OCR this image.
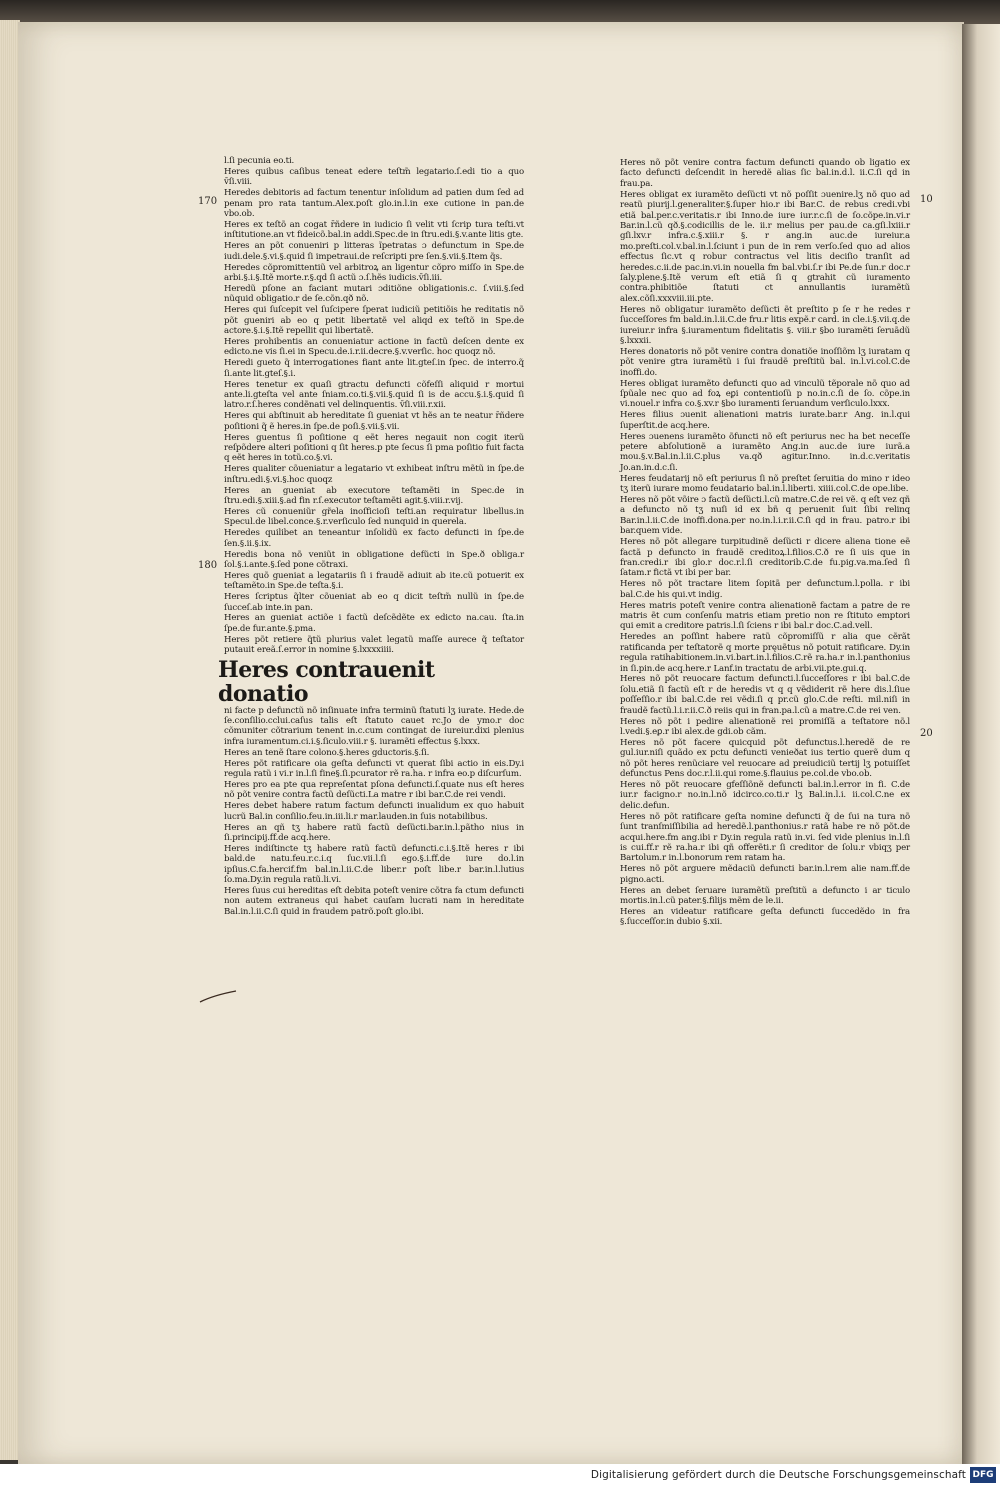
170
180
10
20

l.ſi pecunia eo.ti.

Heres quibus caſibus teneat edere teſtm̃ legatario.ſ.edi tio a quo v̄ſi.viii.

Heredes debitoris ad factum tenentur inſolidum ad patien dum ſed ad penam pro rata tantum.Alex.poſt glo.in.l.in exe cutione in pan.de vbo.ob.

Heres ex teſtõ an cogat r̄ñdere in iudicio ſi velit vti ſcrip tura teſti.vt inſtitutione.an vt fideicõ.bal.in addi.Spec.de in ſtru.edi.§.v.ante litis gte.

Heres an põt conueniri p litteras ĩpetratas ɔ defunctum in Spe.de iudi.dele.§.vi.§.quid ſi impetraui.de reſcripti pre ſen.§.vii.§.Item q̃s.

Heredes cõpromittentiũ vel arbitroꝝ an ligentur cõpro miſſo in Spe.de arbi.§.i.§.Itẽ morte.r.§.qd ſi actũ ɔ.ſ.hẽs iudicis.v̄ſi.iii.

Heredũ pſone an faciant mutari ɔditiõne obligationis.c. ſ.viii.§.ſed nũquid obligatio.r de ſe.cõn.qð nõ.

Heres qui ſuſcepit vel ſuſcipere ſperat iudiciũ petitiõis he reditatis nõ põt gueniri ab eo q petit libertatẽ vel aliqd ex teſtõ in Spe.de actore.§.i.§.Itẽ repellit qui libertatẽ.

Heres prohibentis an conueniatur actione in factũ deſcen dente ex edicto.ne vis ſi.ei in Specu.de.i.r.ii.decre.§.v.verſic. hoc quoqz nõ.

Heredi gueto q̃ interrogationes fiant ante lit.gteſ.in ſpec. de interro.q̃ ſi.ante lit.gteſ.§.i.

Heres tenetur ex quaſi gtractu defuncti cõfeſſi aliquid r mortui ante.li.gteſta vel ante ſniam.co.ti.§.vii.§.quid ſi is de accu.§.i.§.quid ſi latro.r.ſ.heres condẽnati vel delinquentis. v̄ſi.viii.r.xii.

Heres qui abſtinuit ab hereditate ſi gueniat vt hẽs an te neatur r̄ñdere poſitioni q̃ ẽ heres.in ſpe.de poſi.§.vii.§.vii.

Heres guentus ſi poſitione q eẽt heres negauit non cogit iterũ reſpõdere alteri poſitioni q ſit heres.p pte ſecus ſi pma poſitio fuit facta q eẽt heres in totũ.co.§.vi.

Heres qualiter cõueniatur a legatario vt exhibeat inſtru mẽtũ in ſpe.de inſtru.edi.§.vi.§.hoc quoqz

Heres an gueniat ab executore teſtamẽti in Spec.de in ſtru.edi.§.xiii.§.ad fin r.ſ.executor teſtamẽti agit.§.viii.r.vij.

Heres cũ conueniũr gr̃ela inoſficioſi teſti.an requiratur libellus.in Specul.de libel.conce.§.r.verſiculo ſed nunquid in querela.

Heredes quilibet an teneantur inſolidũ ex facto defuncti in ſpe.de ſen.§.ii.§.ix.

Heredis bona nõ veniũt in obligatione defũcti in Spe.ð obliga.r ſol.§.i.ante.§.ſed pone cõtraxi.

Heres quõ gueniat a legatariis ſi i fraudẽ adiuit ab ite.cũ potuerit ex teſtamẽto.in Spe.de teſta.§.i.

Heres ſcriptus q̃lter cõueniat ab eo q dicit teſtm̃ nullũ in ſpe.de ſucceſ.ab inte.in pan.

Heres an gueniat actiõe i factũ deſcẽdẽte ex edicto na.cau. ſta.in ſpe.de fur.ante.§.pma.

Heres põt retiere q̃tũ plurius valet legatũ maſſe aurece q̃ teſtator putauit ereã.ſ.error in nomine §.lxxxxiiii.

Heres contrauenit donatio

ni facte p defunctũ nõ inſinuate infra terminũ ſtatuti lʒ iurate. Hede.de ſe.conſilio.cclui.caſus talis eſt ſtatuto cauet rc.Jo de ymo.r doc cõmuniter cõtrarium tenent in.c.cum contingat de iureiur.dixi plenius infra iuramentum.ci.i.§.ſiculo.viii.r §. iuramẽti effectus §.lxxx.

Heres an tenẽ ſtare colono.§.heres gductoris.§.ſi.

Heres põt ratificare oia geſta defuncti vt querat ſibi actio in eis.Dy.i regula ratũ i vi.r in.l.ſi fine§.ſi.pcurator rẽ ra.ha. r infra eo.p diſcurſum.

Heres pro ea pte qua repreſentat pſona defuncti.ſ.quate nus eſt heres nõ põt venire contra factũ deſũcti.La matre r ibi bar.C.de rei vendi.

Heres debet habere ratum factum defuncti inualidum ex quo habuit lucrũ Bal.in conſilio.feu.in.iii.li.r mar.lauden.in ſuis notabilibus.

Heres an qñ tʒ habere ratũ factũ deſũcti.bar.in.l.pãtho nius in ſi.principij.ff.de acq.here.

Heres indiſtincte tʒ habere ratũ factũ defuncti.c.i.§.Itẽ heres r ibi bald.de natu.feu.r.c.i.q ſuc.vii.l.ſi ego.§.i.ff.de iure do.l.in ipſius.C.fa.hercif.fm bal.in.l.ii.C.de liber.r poſt libe.r bar.in.l.lutius ſo.ma.Dy.in regula ratũ.li.vi.

Heres ſuus cui hereditas eſt debita poteſt venire cõtra fa ctum defuncti non autem extraneus qui habet cauſam lucrati nam in hereditate Bal.in.l.ii.C.ſi quid in fraudem patrõ.poſt glo.ibi.

Heres nõ põt venire contra factum defuncti quando ob ligatio ex facto defuncti deſcendit in heredẽ alias ſic bal.in.d.l. ii.C.ſi qd in frau.pa.

Heres obligat ex iuramẽto deſũcti vt nõ poſſit ɔuenire.lʒ nõ quo ad reatũ piurij.l.generaliter.§.ſuper hio.r ibi Bar.C. de rebus credi.vbi etiã bal.per.c.veritatis.r ibi Inno.de iure iur.r.c.ſi de ſo.cõpe.in.vi.r Bar.in.l.cũ qð.§.codicillis de le. ii.r melius per pau.de ca.gſi.lxiii.r gſi.lxv.r infra.c.§.xiii.r §. r ang.in auc.de iureiur.a mo.preſti.col.v.bal.in.l.ſciunt i pun de in rem verſo.ſed quo ad alios effectus ſic.vt q robur contractus vel litis deciſio tranſit ad heredes.c.ii.de pac.in.vi.in nouella fm bal.vbi.ſ.r ibi Pe.de ſun.r doc.r ſaly.plene.§.Itẽ verum eſt etiã ſi q gtrahit cũ iuramento contra.phibitiõe ſtatuti ct annullantis iuramẽtũ alex.cõſi.xxxviii.iii.pte.

Heres nõ obligatur iuramẽto deſũcti ẽt preſtito p ſe r he redes r ſucceſſores fm bald.in.l.ii.C.de fru.r litis expẽ.r card. in cle.i.§.vii.q.de iureiur.r infra §.iuramentum fidelitatis §. viii.r §bo iuramẽti ſeruãdũ §.lxxxii.

Heres donatoris nõ põt venire contra donatiõe inoſſiõm lʒ iuratam q põt venire gtra iuramẽtũ i ſui fraudẽ preſtitũ bal. in.l.vi.col.C.de inoffi.do.

Heres obligat iuramẽto defuncti quo ad vinculũ tẽporale nõ quo ad ſpũale nec quo ad foꝝ eꝑi contentioſũ p no.in.c.ſi de ſo. cõpe.in vi.nouel.r infra co.§.xv.r §bo iuramenti ſeruandum verſiculo.lxxx.

Heres filius ɔuenit alienationi matris iurate.bar.r Ang. in.l.qui ſuperſtit.de acq.here.

Heres ɔuenens iuramẽto õfuncti nõ eſt periurus nec ha bet neceſſe petere abſolutionẽ a iuramẽto Ang.in auc.de iure iurã.a mou.§.v.Bal.in.l.ii.C.plus va.qð agitur.Inno. in.d.c.veritatis Jo.an.in.d.c.ſi.

Heres feudatarij nõ eſt periurus ſi nõ preſtet ſeruitia do mino r ideo tʒ iterũ iurare momo feudatario bal.in.l.liberti. xiiii.col.C.de ope.libe.

Heres nõ põt võire ɔ factũ deſũcti.l.cũ matre.C.de rei vẽ. q eſt vez qñ a defuncto nõ tʒ nuſi id ex bñ q peruenit ſuit ſibi relinq Bar.in.l.ii.C.de inoffi.dona.per no.in.l.i.r.ii.C.ſi qd in frau. patro.r ibi bar.quem vide.

Heres nõ põt allegare turpitudinẽ deſũcti r dicere aliena tione eẽ factã p defuncto in fraudẽ creditoꝝ.l.filios.C.ð re ſi uis que in fran.credi.r ibi glo.r doc.r.l.ſi creditorib.C.de fu.pig.va.ma.ſed ſi ſatam.r fictã vt ibi per bar.

Heres nõ põt tractare litem ſopitã per defunctum.l.polla. r ibi bal.C.de his qui.vt indig.

Heres matris poteſt venire contra alienationẽ factam a patre de re matris ẽt cum conſenſu matris etiam pretio non re ſtituto emptori qui emit a creditore patris.l.ſi ſciens r ibi bal.r doc.C.ad.vell.

Heredes an poſſint habere ratũ cõpromiſſũ r alia que cẽrãt ratificanda per teſtatorẽ q morte pręuẽtus nõ potuit ratificare. Dy.in regula ratihabitionem.in.vi.bart.in.l.filios.C.rẽ ra.ha.r in.l.panthonius in ſi.pin.de acq.here.r Lanf.in tractatu de arbi.vii.pte.gui.q.

Heres nõ põt reuocare factum defuncti.l.ſucceſſores r ibi bal.C.de ſolu.etiã ſi factũ eſt r de heredis vt q q vẽdiderit rẽ here dis.l.ſiue poſſeſſio.r ibi bal.C.de rei vẽdi.ſi q pr.cũ glo.C.de reſti. mil.niſi in fraudẽ factũ.l.i.r.ii.C.ð reiis qui in fran.pa.l.cũ a matre.C.de rei ven.

Heres nõ põt i pedire alienationẽ rei promiſſã a teſtatore nõ.l l.vedi.§.eꝑ.r ibi alex.de gdi.ob cãm.

Heres nõ põt facere quicquid põt defunctus.l.heredẽ de re gul.iur.niſi quãdo ex pctu defuncti venieðat ius tertio querẽ dum q nõ põt heres renũciare vel reuocare ad preiudiciũ tertij lʒ potuiſſet defunctus Pens doc.r.l.ii.qui rome.§.flauius pe.col.de vbo.ob.

Heres nõ põt reuocare gfeſſiõnẽ defuncti bal.in.l.error in fi. C.de iur.r facigno.r no.in.l.nõ idcirco.co.ti.r lʒ Bal.in.l.i. ii.col.C.ne ex delic.defun.

Heres nõ põt ratificare geſta nomine defuncti q̃ de ſui na tura nõ ſunt tranſmiſſibilia ad heredẽ.l.panthonius.r ratã habe re nõ põt.de acqui.here.fm ang.ibi r Dy.in regula ratũ in.vi. ſed vide plenius in.l.ſi is cui.ff.r rẽ ra.ha.r ibi qñ offerẽti.r ſi creditor de ſolu.r vbiqʒ per Bartolum.r in.l.bonorum rem ratam ha.

Heres nõ põt arguere mẽdaciũ defuncti bar.in.l.rem alie nam.ff.de pigno.acti.

Heres an debet ſeruare iuramẽtũ preſtitũ a defuncto i ar ticulo mortis.in.l.cũ pater.§.filijs mẽm de le.ii.

Heres an videatur ratificare geſta defuncti ſuccedẽdo in fra §.ſucceſſor.in dubio §.xii.

Digitalisierung gefördert durch die Deutsche Forschungsgemeinschaft DFG
